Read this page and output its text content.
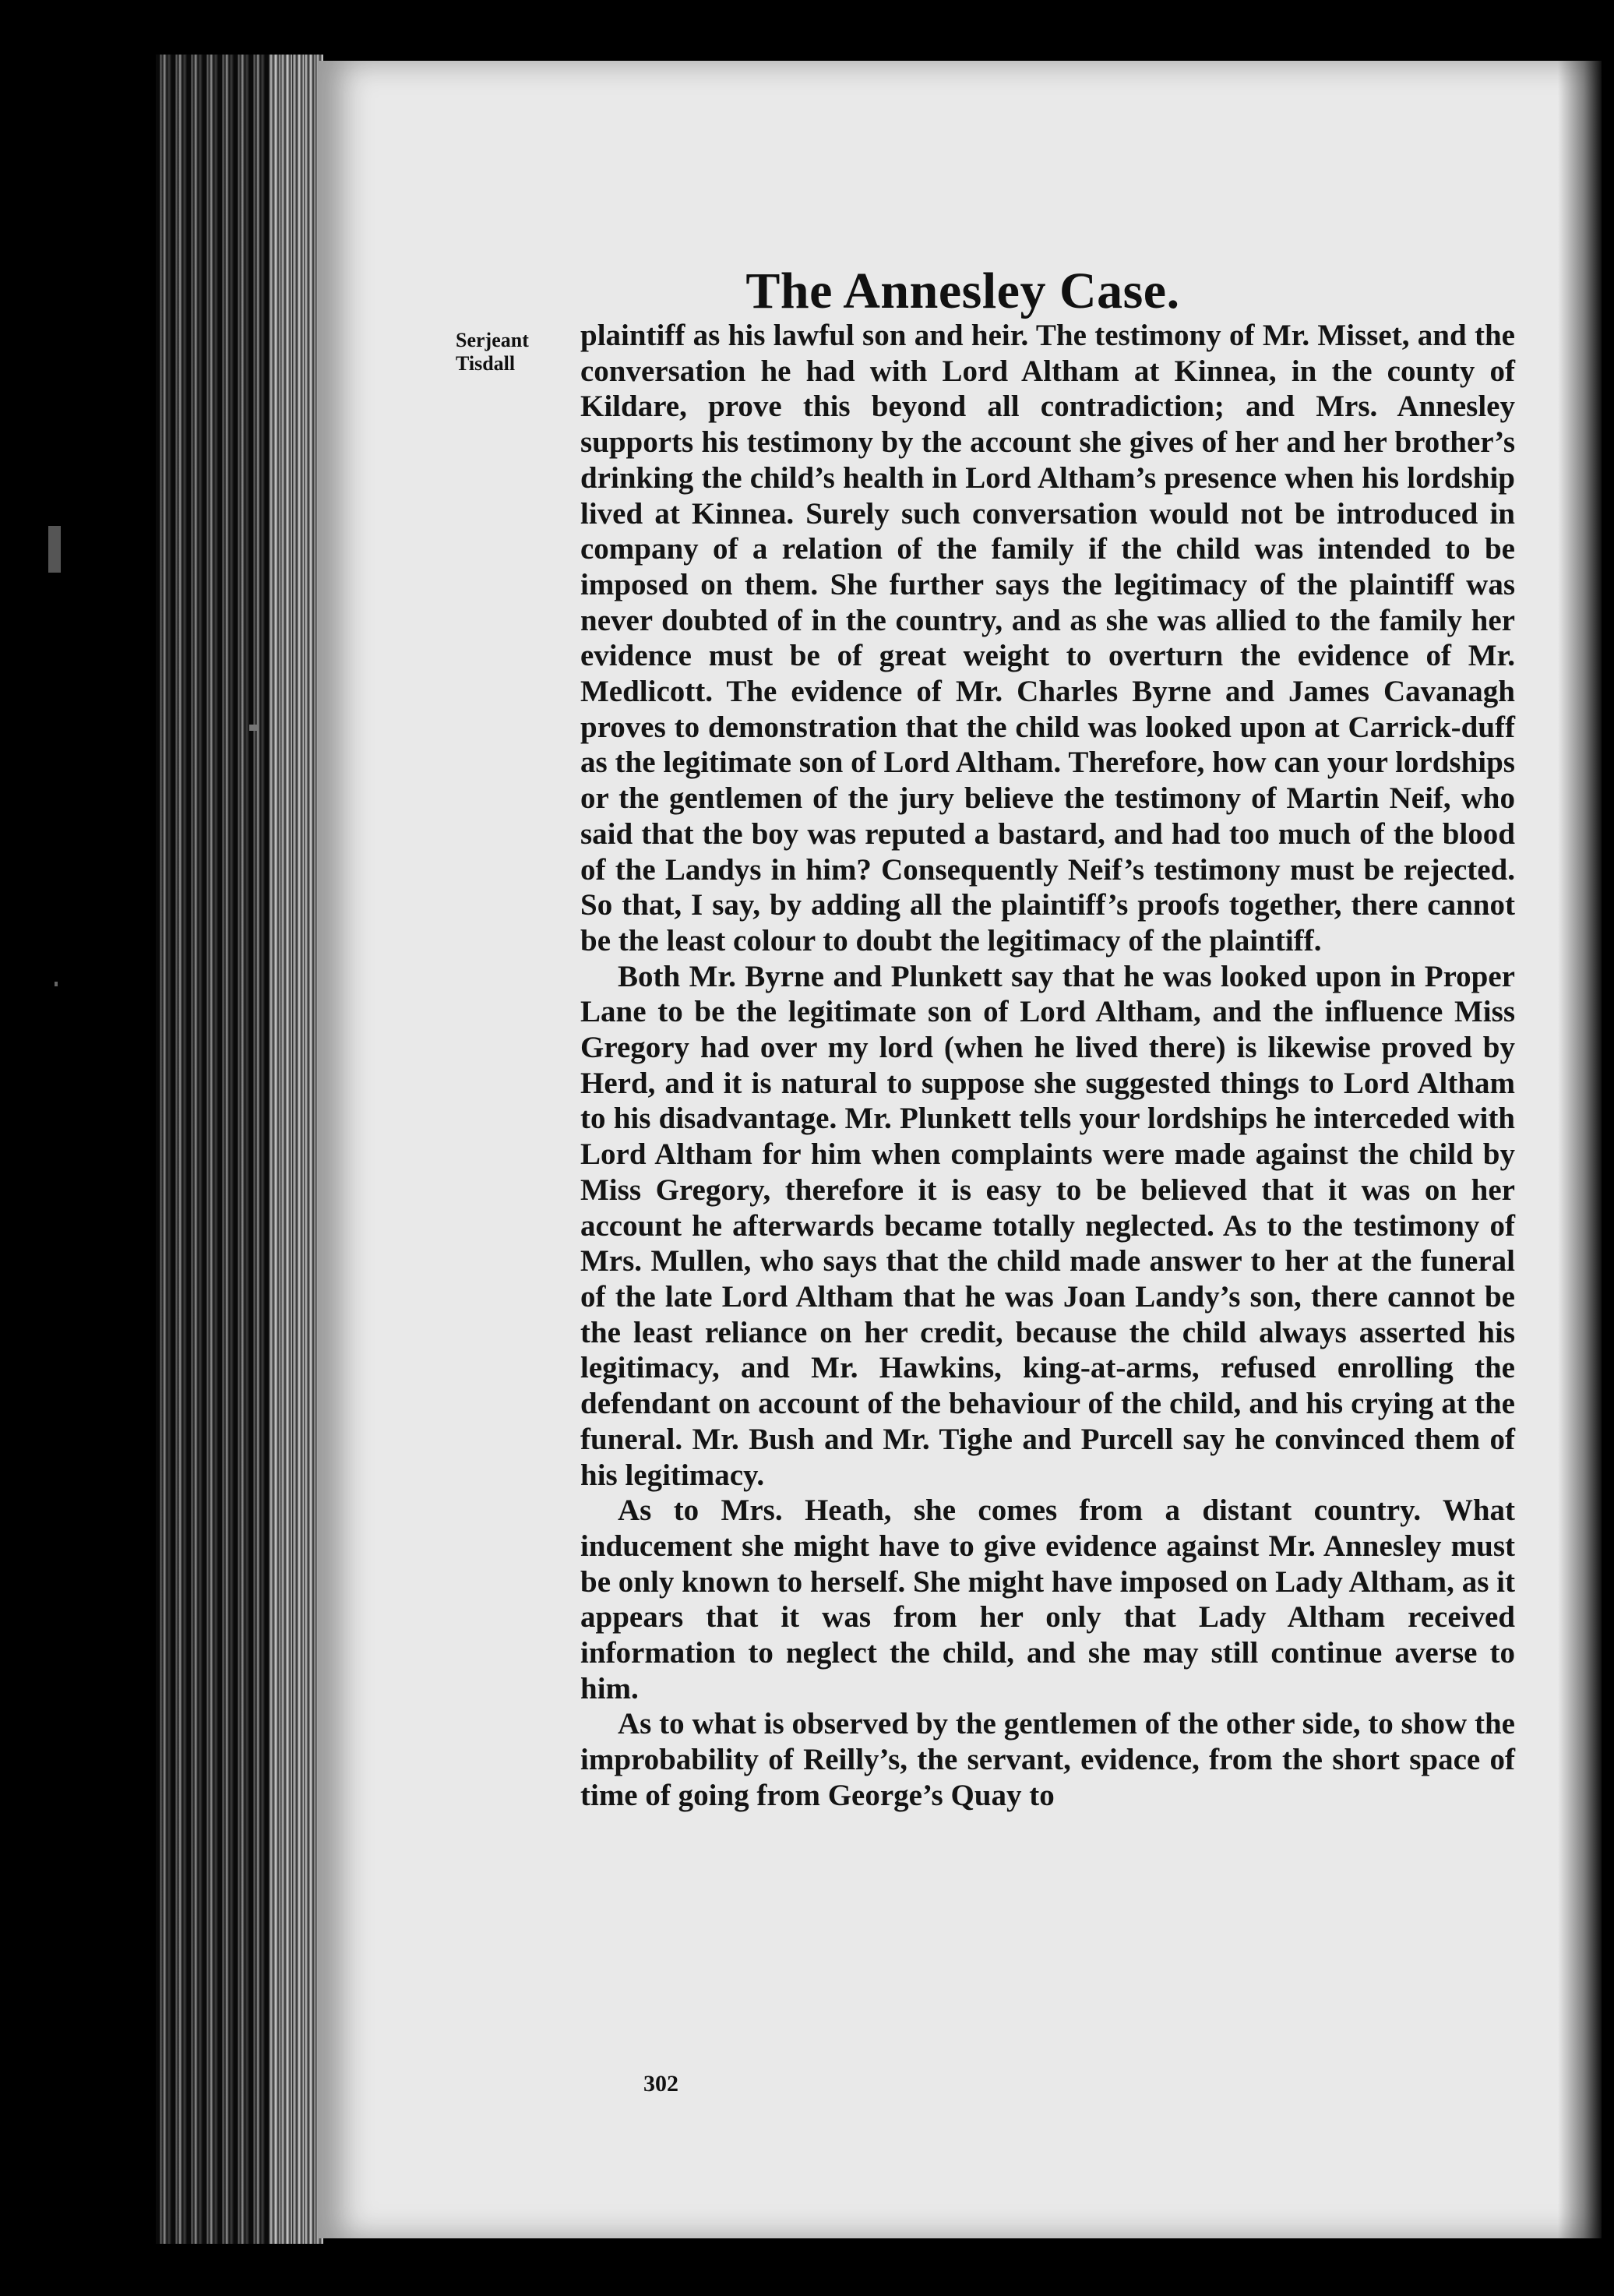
The Annesley Case.
Serjeant
Tisdall

plaintiff as his lawful son and heir. The testimony of Mr. Misset, and the conversation he had with Lord Altham at Kinnea, in the county of Kildare, prove this beyond all contradiction; and Mrs. Annesley supports his testimony by the account she gives of her and her brother’s drinking the child’s health in Lord Altham’s presence when his lordship lived at Kinnea. Surely such conversation would not be introduced in company of a relation of the family if the child was intended to be imposed on them. She further says the legitimacy of the plaintiff was never doubted of in the country, and as she was allied to the family her evidence must be of great weight to overturn the evidence of Mr. Medlicott. The evidence of Mr. Charles Byrne and James Cavanagh proves to demonstration that the child was looked upon at Carrick-duff as the legitimate son of Lord Altham. Therefore, how can your lordships or the gentlemen of the jury believe the testimony of Martin Neif, who said that the boy was reputed a bastard, and had too much of the blood of the Landys in him? Consequently Neif’s testimony must be rejected. So that, I say, by adding all the plaintiff’s proofs together, there cannot be the least colour to doubt the legitimacy of the plaintiff.

Both Mr. Byrne and Plunkett say that he was looked upon in Proper Lane to be the legitimate son of Lord Altham, and the influence Miss Gregory had over my lord (when he lived there) is likewise proved by Herd, and it is natural to suppose she suggested things to Lord Altham to his disadvantage. Mr. Plunkett tells your lordships he interceded with Lord Altham for him when complaints were made against the child by Miss Gregory, therefore it is easy to be believed that it was on her account he afterwards became totally neglected. As to the testimony of Mrs. Mullen, who says that the child made answer to her at the funeral of the late Lord Altham that he was Joan Landy’s son, there cannot be the least reliance on her credit, because the child always asserted his legitimacy, and Mr. Hawkins, king-at-arms, refused enrolling the defendant on account of the behaviour of the child, and his crying at the funeral. Mr. Bush and Mr. Tighe and Purcell say he convinced them of his legitimacy.

As to Mrs. Heath, she comes from a distant country. What inducement she might have to give evidence against Mr. Annesley must be only known to herself. She might have imposed on Lady Altham, as it appears that it was from her only that Lady Altham received information to neglect the child, and she may still continue averse to him.

As to what is observed by the gentlemen of the other side, to show the improbability of Reilly’s, the servant, evidence, from the short space of time of going from George’s Quay to

302
